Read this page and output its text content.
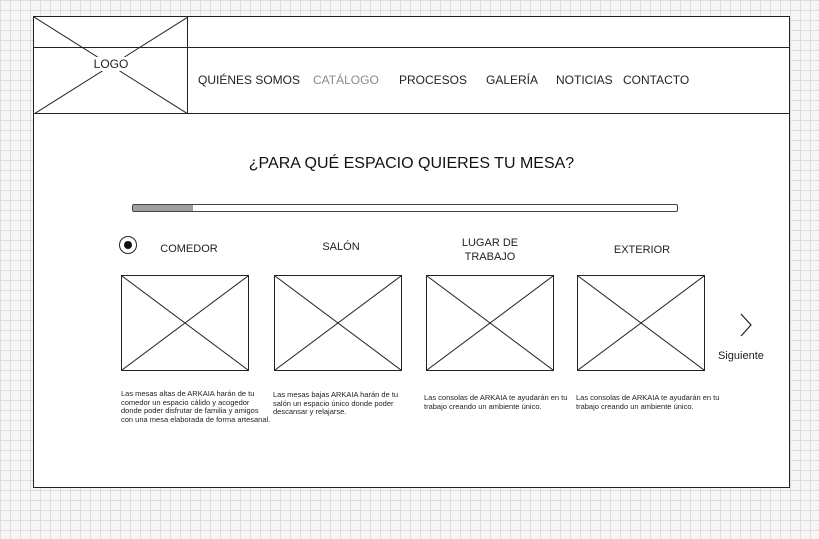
LOGO
QUIÉNES SOMOS CATÁLOGO PROCESOS GALERÍA NOTICIAS CONTACTO
¿PARA QUÉ ESPACIO QUIERES TU MESA?
COMEDOR	SALÓN	LUGAR DE
TRABAJO
EXTERIOR
Las mesas altas de ARKAIA harán de tu comedor un espacio cálido y acogedor donde poder disfrutar de familia y amigos con una mesa elaborada de forma artesanal.
Las mesas bajas ARKAIA harán de tu salón un espacio único donde poder descansar y relajarse.
Las consolas de ARKAIA te ayudarán en tu trabajo creando un ambiente único.
Las consolas de ARKAIA te ayudarán en tu trabajo creando un ambiente único.
Siguiente
